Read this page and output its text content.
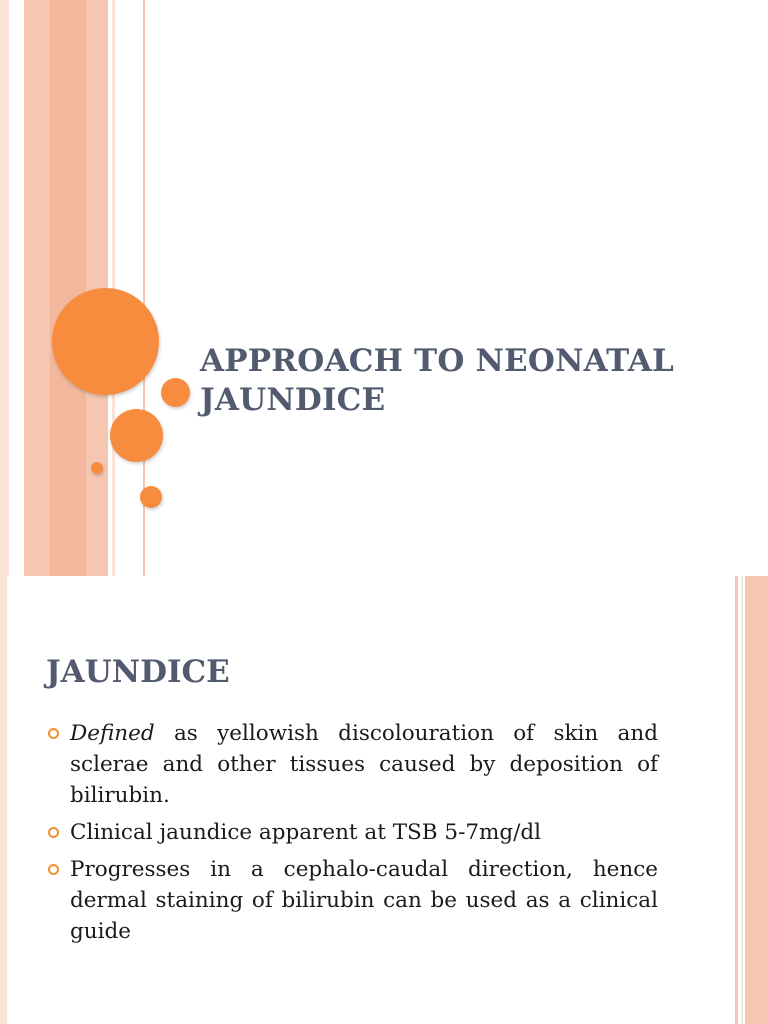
APPROACH TO NEONATAL
JAUNDICE
JAUNDICE
Defined as yellowish discolouration of skin and sclerae and other tissues caused by deposition of bilirubin.
Clinical jaundice apparent at TSB 5-7mg/dl
Progresses in a cephalo-caudal direction, hence dermal staining of bilirubin can be used as a clinical guide
